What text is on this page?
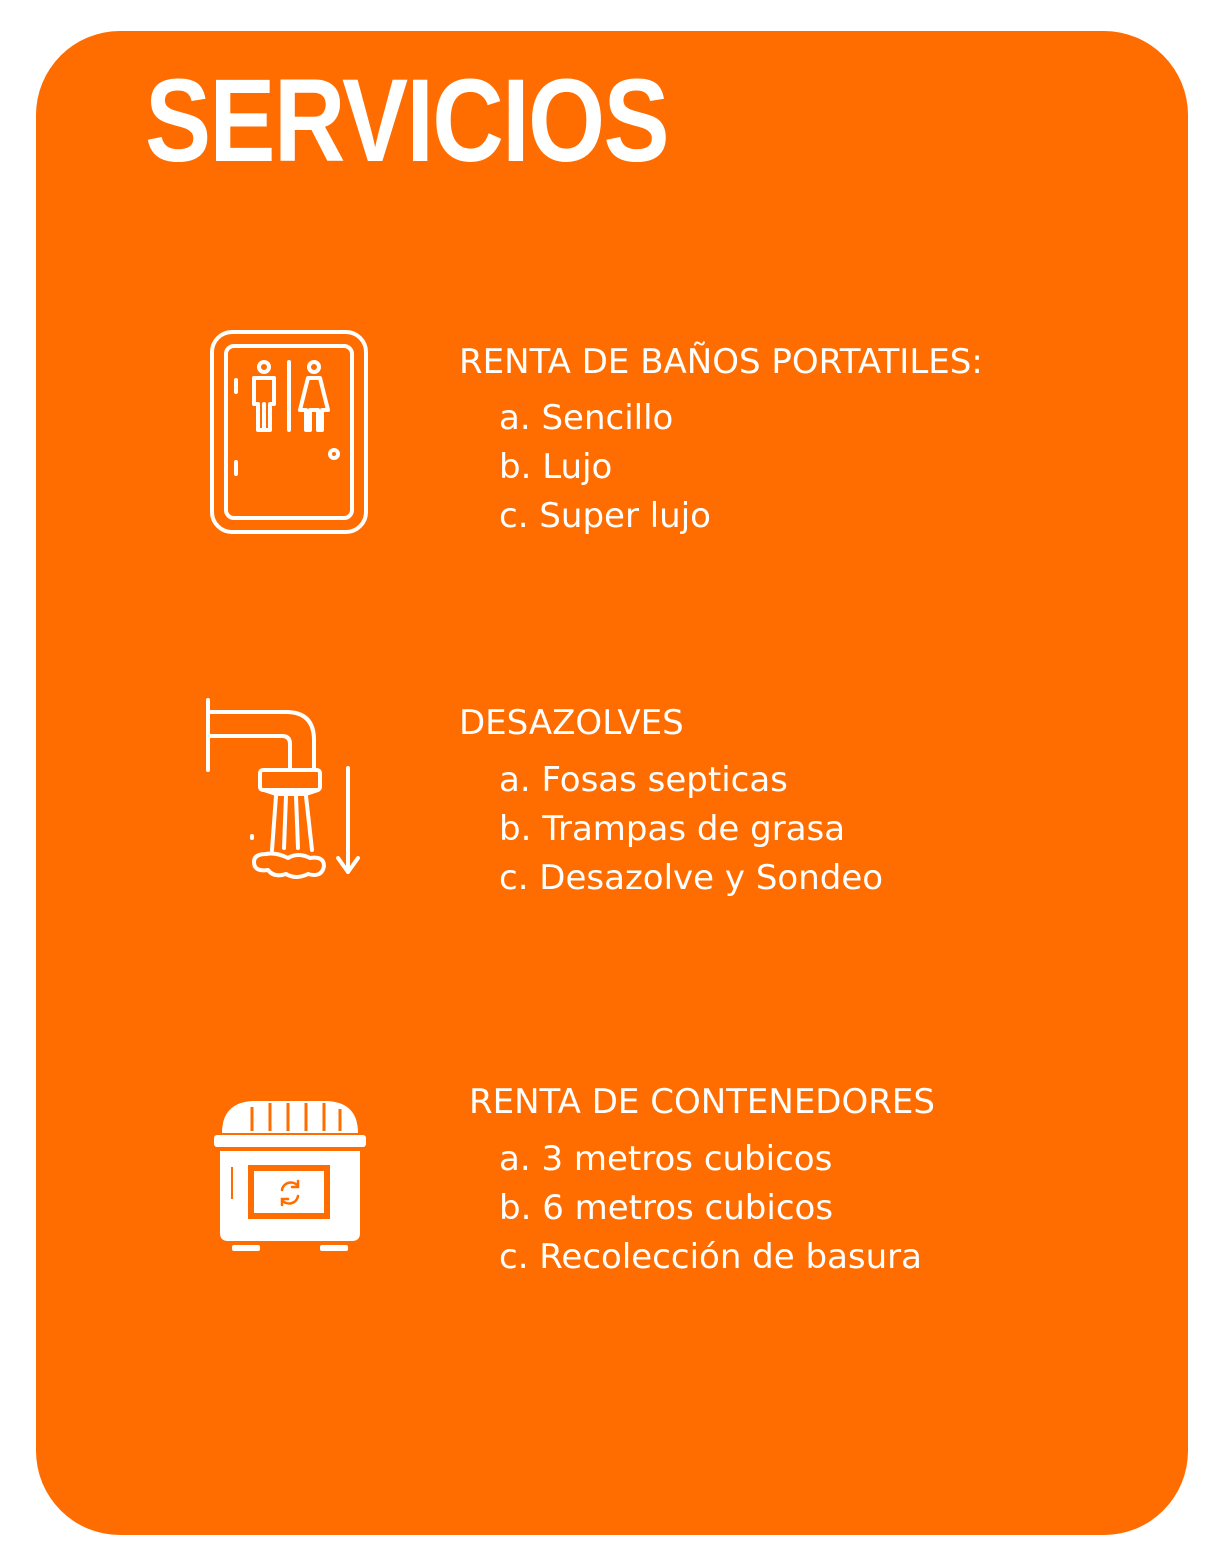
SERVICIOS
RENTA DE BAÑOS PORTATILES:
a. Sencillo
b. Lujo
c. Super lujo
DESAZOLVES
a. Fosas septicas
b. Trampas de grasa
c. Desazolve y Sondeo
RENTA DE CONTENEDORES
a. 3 metros cubicos
b. 6 metros cubicos
c. Recolección de basura
